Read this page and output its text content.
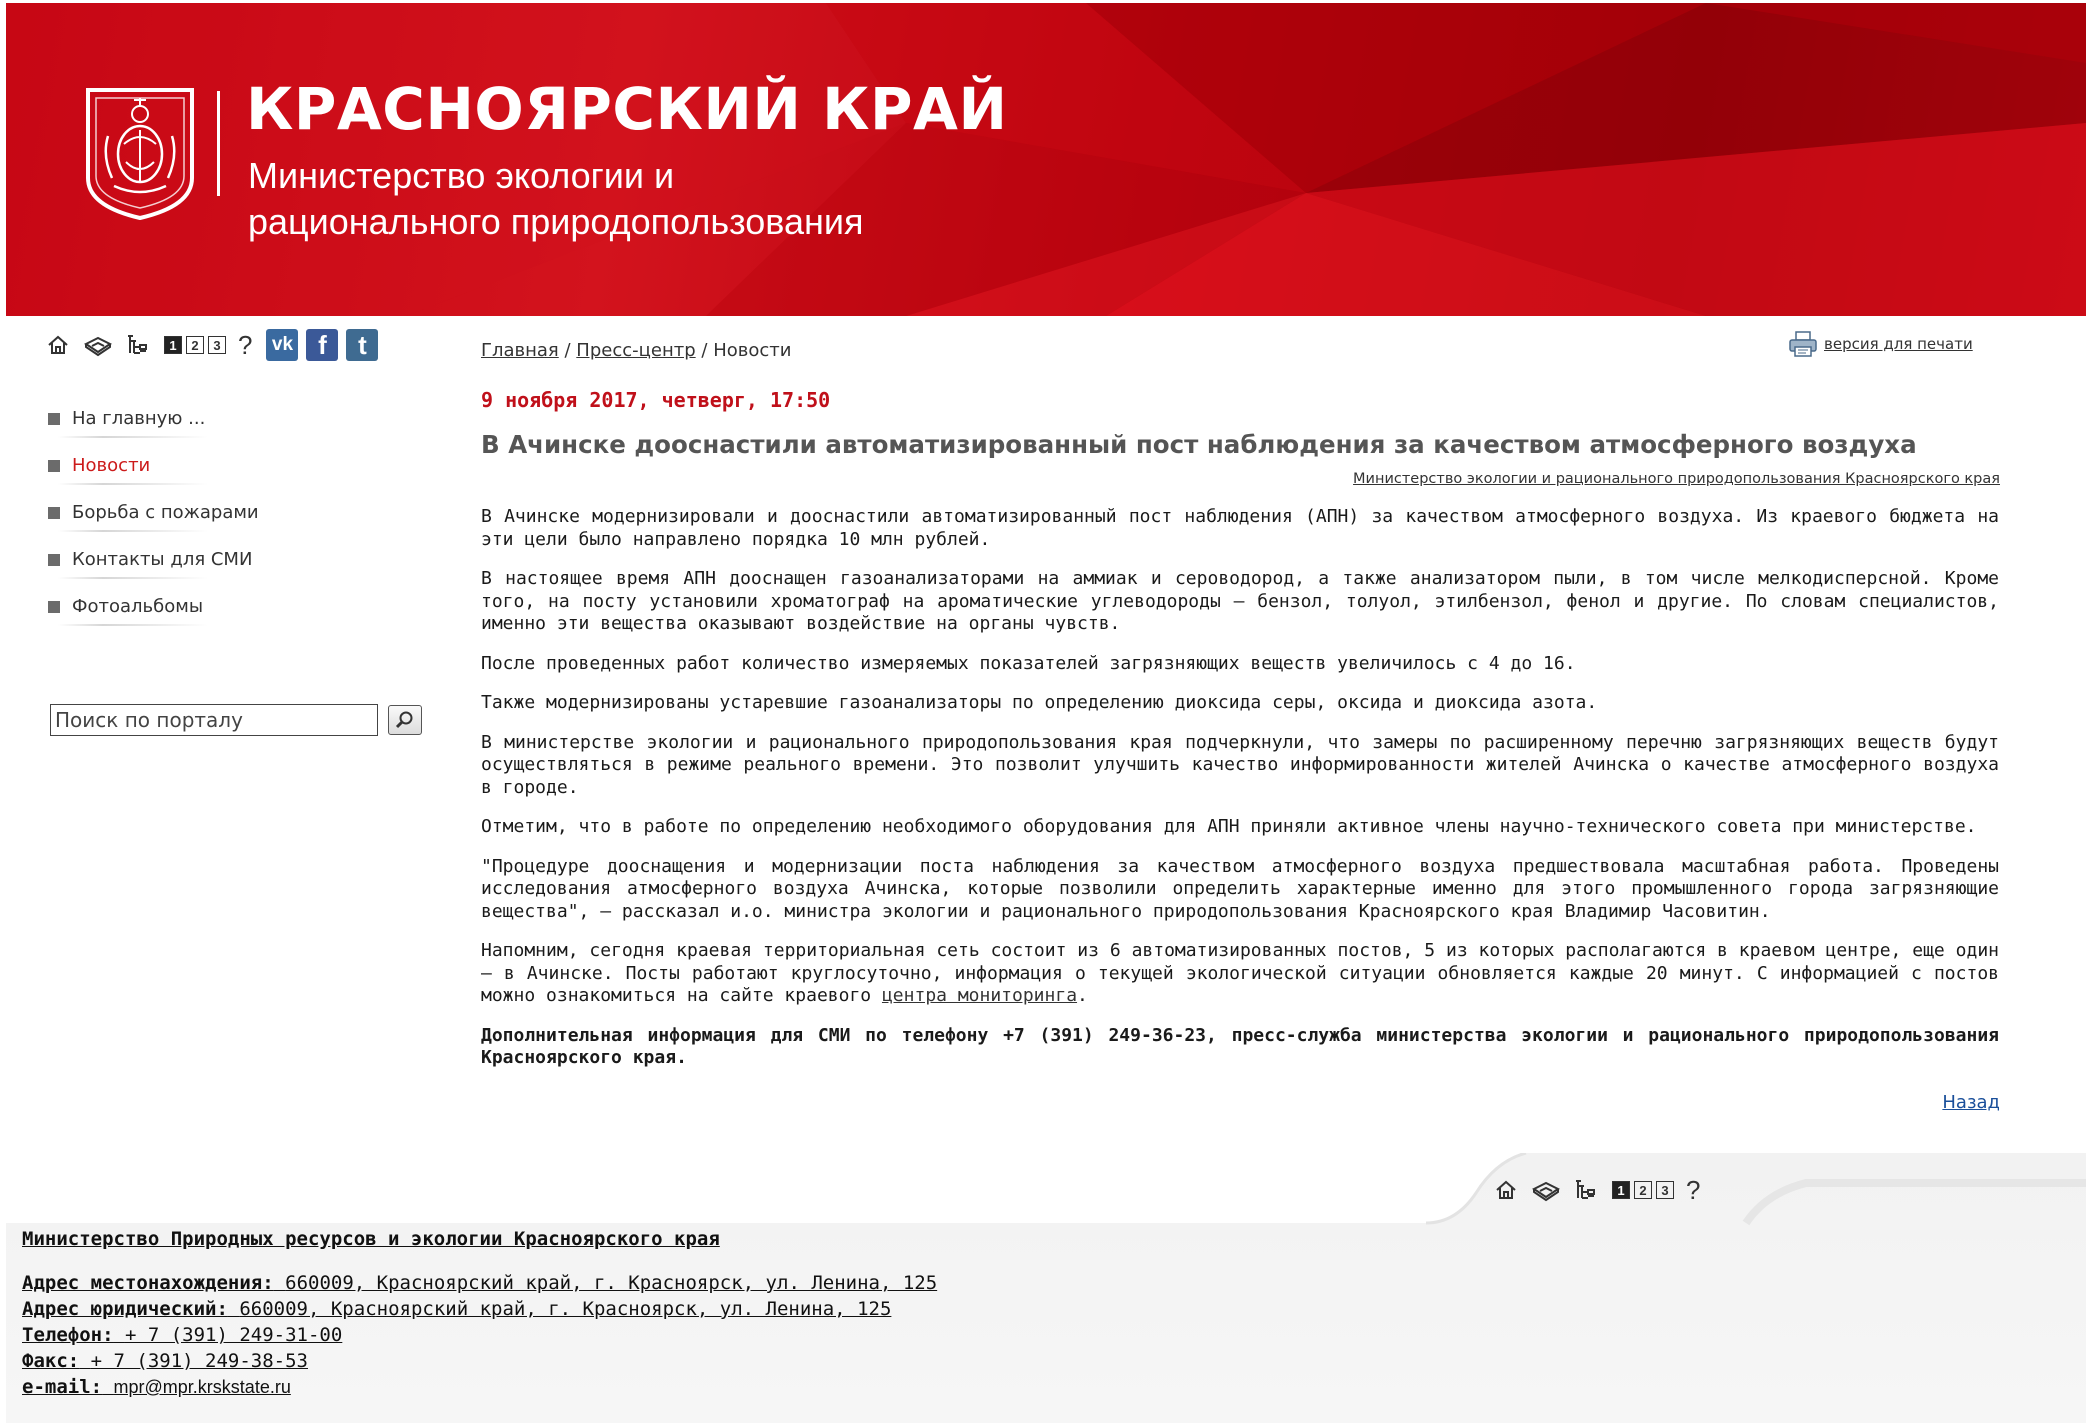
КРАСНОЯРСКИЙ КРАЙ
Министерство экологии и
рационального природопользования
1	2	3 ? vk f	t
На главную ...
Новости
Борьба с пожарами
Контакты для СМИ
Фотоальбомы
Поиск по порталу
Главная / Пресс-центр / Новости	версия для печати
9 ноября 2017, четверг, 17:50
В Ачинске дооснастили автоматизированный пост наблюдения за качеством атмосферного воздуха
Министерство экологии и рационального природопользования Красноярского края

В Ачинске модернизировали и дооснастили автоматизированный пост наблюдения (АПН) за качеством атмосферного воздуха. Из краевого бюджета на эти цели было направлено порядка 10 млн рублей.

В настоящее время АПН дооснащен газоанализаторами на аммиак и сероводород, а также анализатором пыли, в том числе мелкодисперсной. Кроме того, на посту установили хроматограф на ароматические углеводороды – бензол, толуол, этилбензол, фенол и другие. По словам специалистов, именно эти вещества оказывают воздействие на органы чувств.

После проведенных работ количество измеряемых показателей загрязняющих веществ увеличилось с 4 до 16.

Также модернизированы устаревшие газоанализаторы по определению диоксида серы, оксида и диоксида азота.

В министерстве экологии и рационального природопользования края подчеркнули, что замеры по расширенному перечню загрязняющих веществ будут осуществляться в режиме реального времени. Это позволит улучшить качество информированности жителей Ачинска о качестве атмосферного воздуха в городе.

Отметим, что в работе по определению необходимого оборудования для АПН приняли активное члены научно-технического совета при министерстве.

"Процедуре дооснащения и модернизации поста наблюдения за качеством атмосферного воздуха предшествовала масштабная работа. Проведены исследования атмосферного воздуха Ачинска, которые позволили определить характерные именно для этого промышленного города загрязняющие вещества", – рассказал и.о. министра экологии и рационального природопользования Красноярского края Владимир Часовитин.

Напомним, сегодня краевая территориальная сеть состоит из 6 автоматизированных постов, 5 из которых располагаются в краевом центре, еще один – в Ачинске. Посты работают круглосуточно, информация о текущей экологической ситуации обновляется каждые 20 минут. С информацией с постов можно ознакомиться на сайте краевого центра мониторинга.

Дополнительная информация для СМИ по телефону +7 (391) 249-36-23, пресс-служба министерства экологии и рационального природопользования Красноярского края.

Назад
1	2	3 ?
Министерство Природных ресурсов и экологии Красноярского края
Адрес местонахождения: 660009, Красноярский край, г. Красноярск, ул. Ленина, 125
Адрес юридический: 660009, Красноярский край, г. Красноярск, ул. Ленина, 125
Телефон: + 7 (391) 249-31-00
Факс: + 7 (391) 249-38-53
e-mail: mpr@mpr.krskstate.ru
